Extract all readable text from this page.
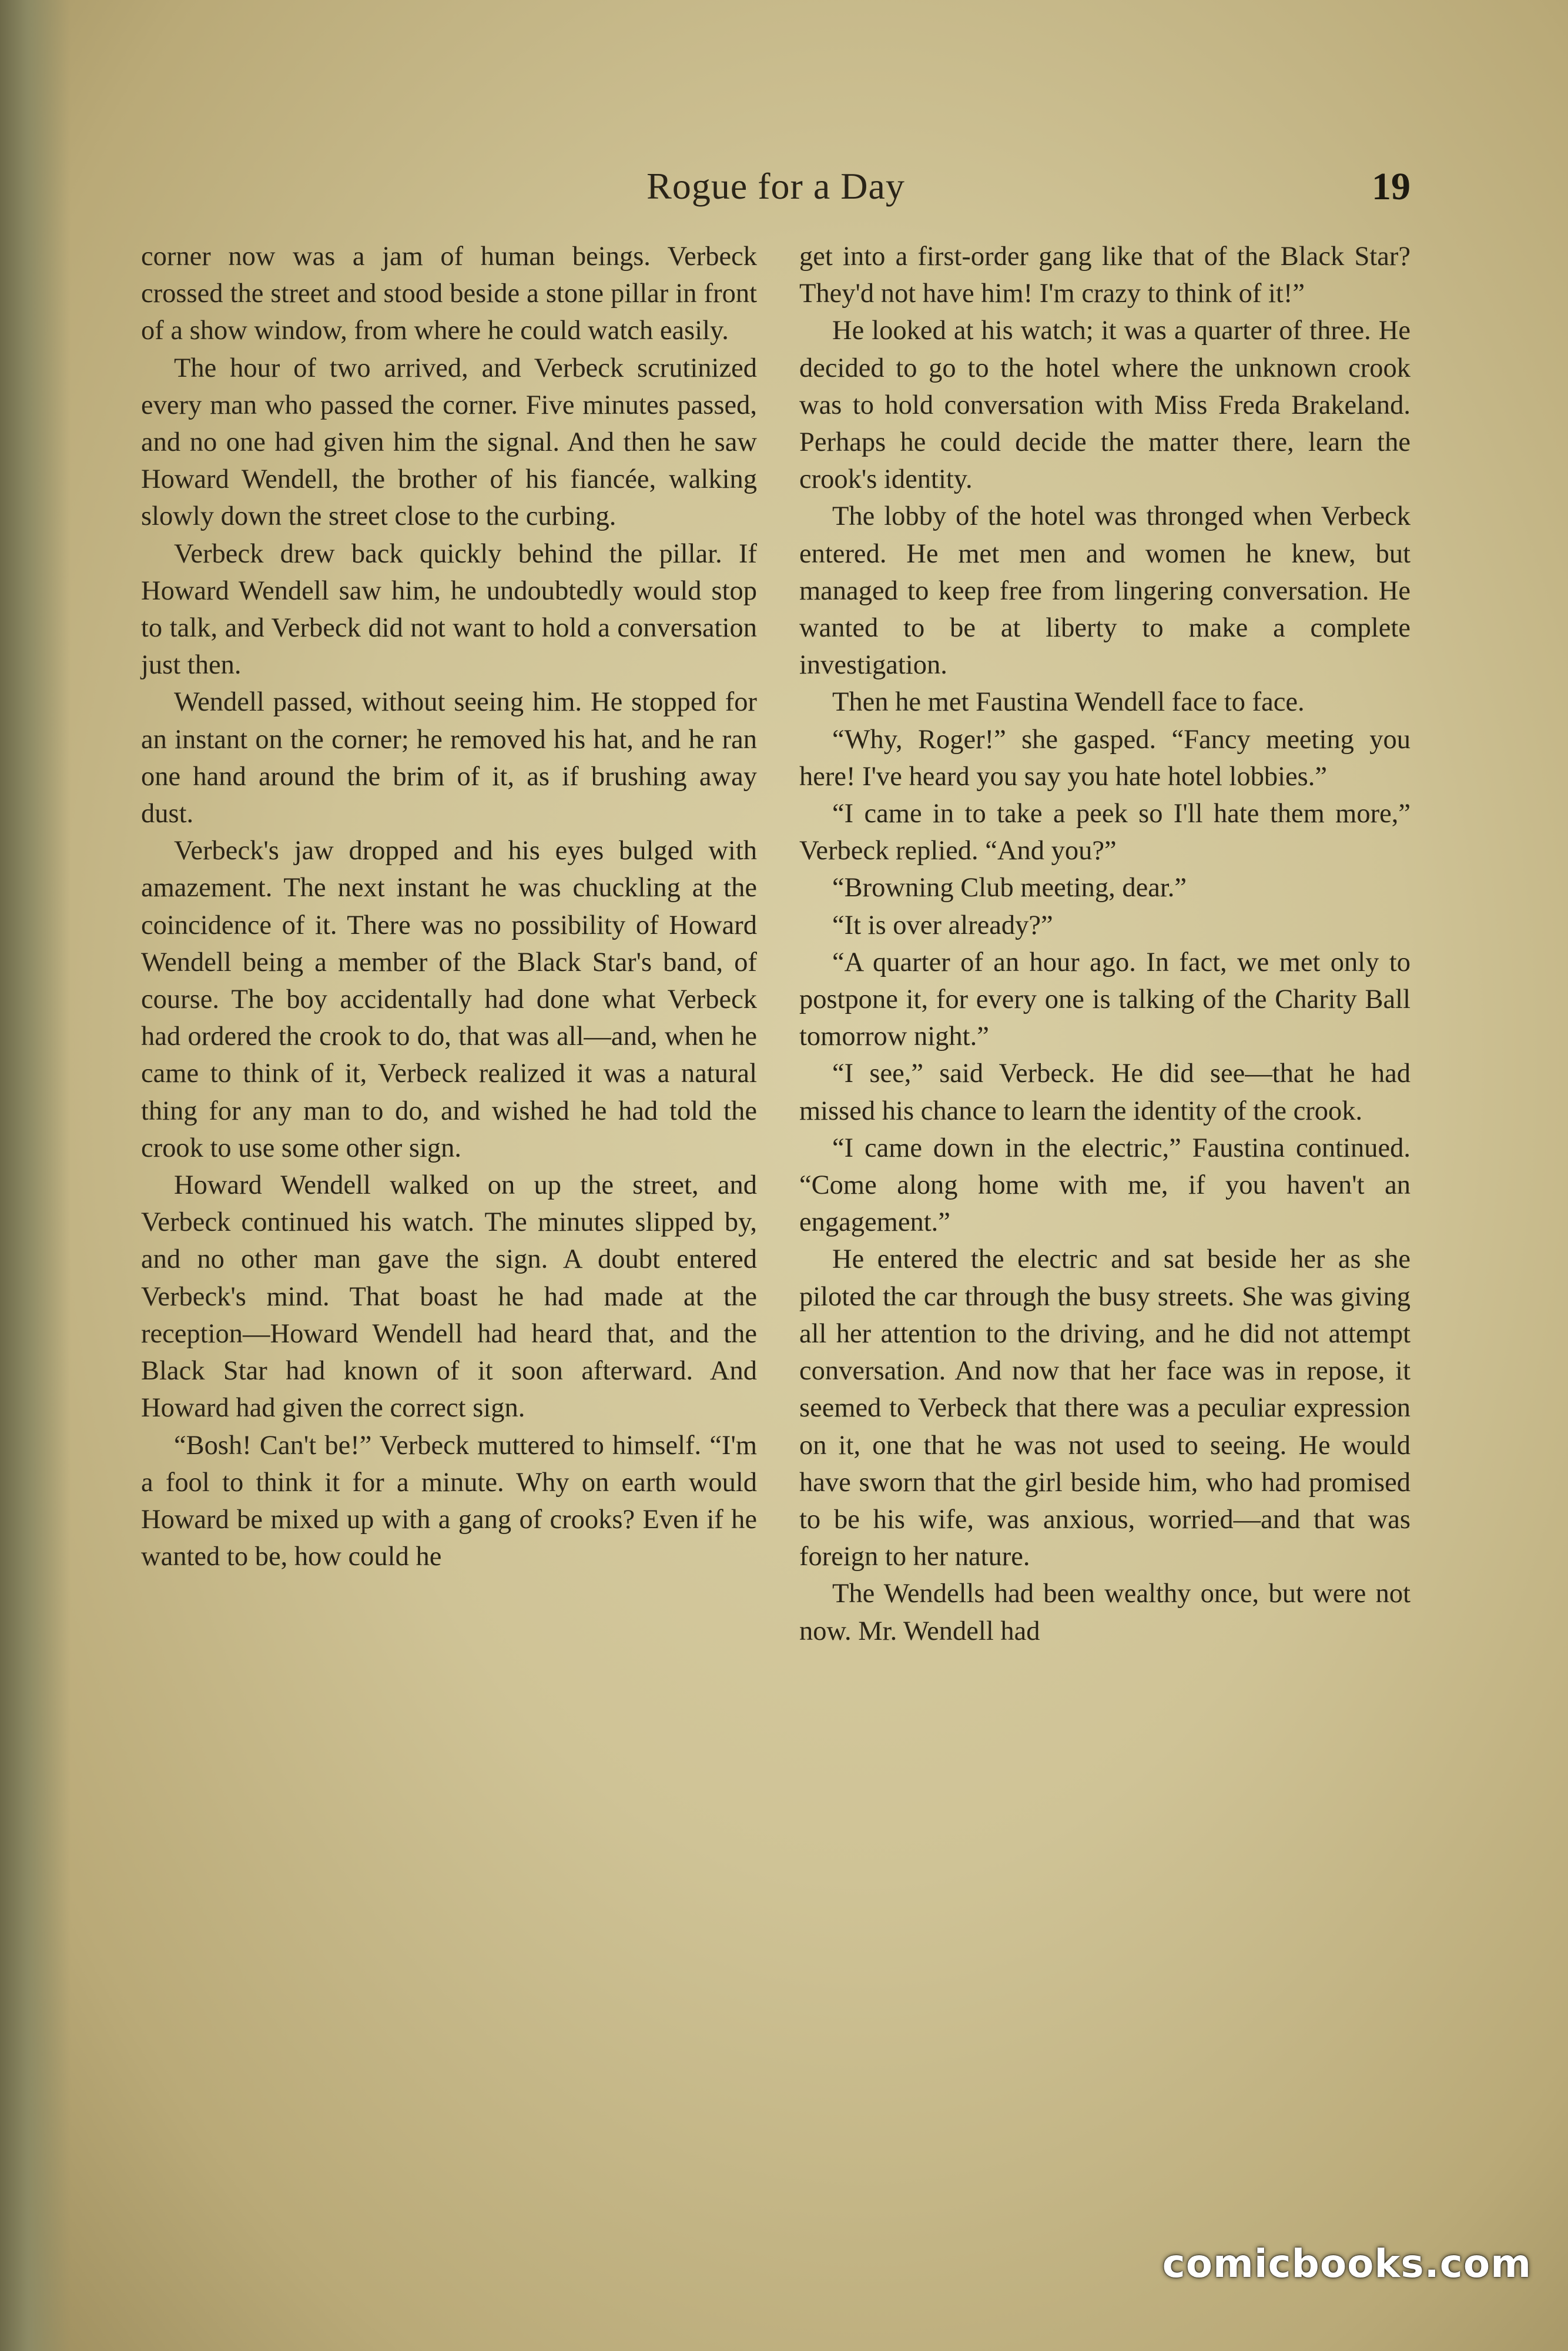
Rogue for a Day	19

corner now was a jam of human beings. Verbeck crossed the street and stood beside a stone pillar in front of a show window, from where he could watch easily.

The hour of two arrived, and Verbeck scrutinized every man who passed the corner. Five minutes passed, and no one had given him the signal. And then he saw Howard Wendell, the brother of his fiancée, walking slowly down the street close to the curbing.

Verbeck drew back quickly behind the pillar. If Howard Wendell saw him, he undoubtedly would stop to talk, and Verbeck did not want to hold a conversation just then.

Wendell passed, without seeing him. He stopped for an instant on the corner; he removed his hat, and he ran one hand around the brim of it, as if brushing away dust.

Verbeck's jaw dropped and his eyes bulged with amazement. The next instant he was chuckling at the coincidence of it. There was no possibility of Howard Wendell being a member of the Black Star's band, of course. The boy accidentally had done what Verbeck had ordered the crook to do, that was all—and, when he came to think of it, Verbeck realized it was a natural thing for any man to do, and wished he had told the crook to use some other sign.

Howard Wendell walked on up the street, and Verbeck continued his watch. The minutes slipped by, and no other man gave the sign. A doubt entered Verbeck's mind. That boast he had made at the reception—Howard Wendell had heard that, and the Black Star had known of it soon afterward. And Howard had given the correct sign.

“Bosh! Can't be!” Verbeck muttered to himself. “I'm a fool to think it for a minute. Why on earth would Howard be mixed up with a gang of crooks? Even if he wanted to be, how could he

get into a first-order gang like that of the Black Star? They'd not have him! I'm crazy to think of it!”

He looked at his watch; it was a quarter of three. He decided to go to the hotel where the unknown crook was to hold conversation with Miss Freda Brakeland. Perhaps he could decide the matter there, learn the crook's identity.

The lobby of the hotel was thronged when Verbeck entered. He met men and women he knew, but managed to keep free from lingering conversation. He wanted to be at liberty to make a complete investigation.

Then he met Faustina Wendell face to face.

“Why, Roger!” she gasped. “Fancy meeting you here! I've heard you say you hate hotel lobbies.”

“I came in to take a peek so I'll hate them more,” Verbeck replied. “And you?”

“Browning Club meeting, dear.”

“It is over already?”

“A quarter of an hour ago. In fact, we met only to postpone it, for every one is talking of the Charity Ball tomorrow night.”

“I see,” said Verbeck. He did see—that he had missed his chance to learn the identity of the crook.

“I came down in the electric,” Faustina continued. “Come along home with me, if you haven't an engagement.”

He entered the electric and sat beside her as she piloted the car through the busy streets. She was giving all her attention to the driving, and he did not attempt conversation. And now that her face was in repose, it seemed to Verbeck that there was a peculiar expression on it, one that he was not used to seeing. He would have sworn that the girl beside him, who had promised to be his wife, was anxious, worried—and that was foreign to her nature.

The Wendells had been wealthy once, but were not now. Mr. Wendell had

comicbooks.com
